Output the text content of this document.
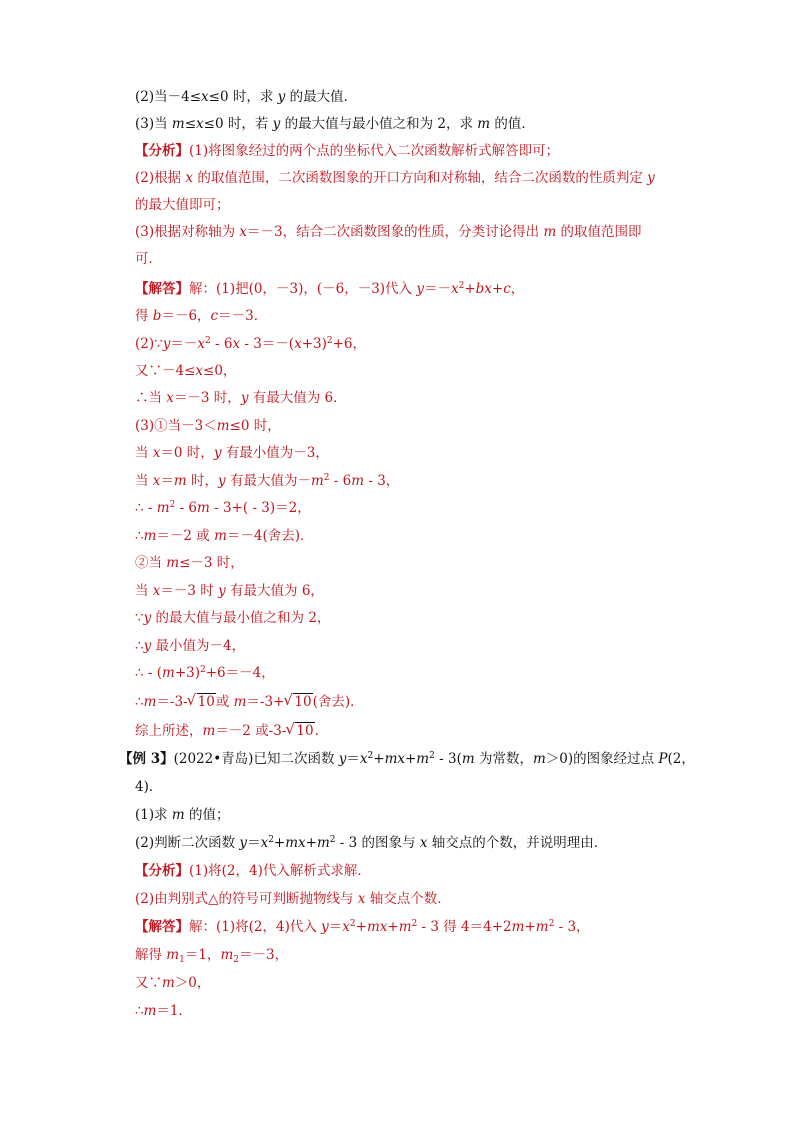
(2)当－4≤x≤0 时，求 y 的最大值．
(3)当 m≤x≤0 时，若 y 的最大值与最小值之和为 2，求 m 的值．
【分析】(1)将图象经过的两个点的坐标代入二次函数解析式解答即可；
(2)根据 x 的取值范围，二次函数图象的开口方向和对称轴，结合二次函数的性质判定 y
的最大值即可；
(3)根据对称轴为 x＝－3，结合二次函数图象的性质，分类讨论得出 m 的取值范围即
可．
【解答】解：(1)把(0，－3)，(－6，－3)代入 $y=-x^2+bx+c$，
得 b＝－6，c＝－3．
$(2)\because y=-x^2 - 6x - 3=-(x+3)^2+6$，
又∵－4≤x≤0，
∴当 x＝－3 时，y 有最大值为 6．
(3)①当－3＜m≤0 时，
当 x＝0 时，y 有最小值为－3，
当 x＝m 时，y 有最大值为$-m^2 - 6m - 3$，
∴ - $m^2 - 6m - 3+( - 3)=2$，
∴m＝－2 或 m＝－4(舍去)．
②当 m≤－3 时，
当 x＝－3 时 y 有最大值为 6，
∵y 的最大值与最小值之和为 2，
∴y 最小值为－4，
∴ - $(m+3)^2+6=-4$，
∴m＝-3- √ 10或 m＝-3+ √ 10(舍去)．
综上所述，m＝－2 或-3- √ 10．
【例 3】(2022•青岛)已知二次函数 $y=x^2+mx+m^2 - 3(m$ 为常数，m＞0)的图象经过点 P(2，
4)．
(1)求 m 的值；
(2)判断二次函数 $y=x^2+mx+m^2 - 3$ 的图象与 x 轴交点的个数，并说明理由．
【分析】(1)将(2，4)代入解析式求解．
(2)由判别式△的符号可判断抛物线与 x 轴交点个数．
【解答】解：(1)将(2，4)代入 $y=x^2+mx+m^2 - 3$ 得 $4=4+2m+m^2 - 3$，
解得 $m_1=1$，$m_2=-3$，
又∵m＞0，
∴m＝1．
